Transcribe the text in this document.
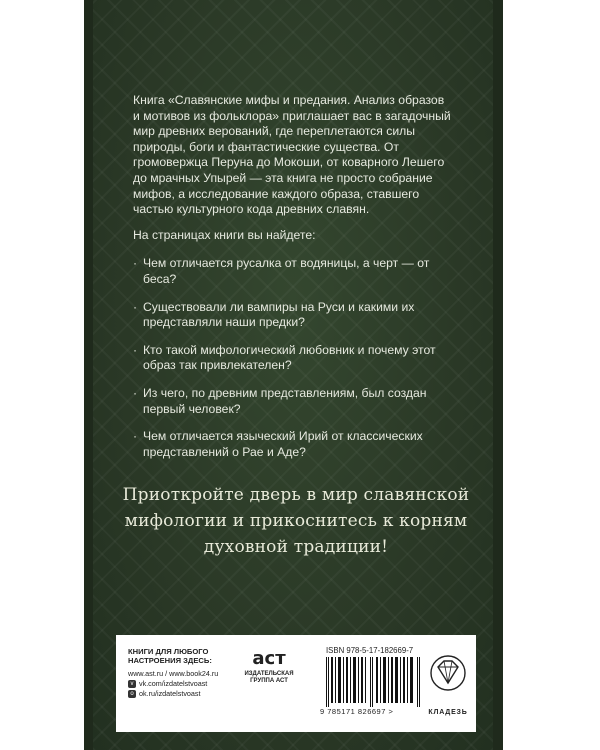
Книга «Славянские мифы и предания. Анализ образов и мотивов из фольклора» приглашает вас в загадочный мир древних верований, где переплетаются силы природы, боги и фантастические существа. От громовержца Перуна до Мокоши, от коварного Лешего до мрачных Упырей — эта книга не просто собрание мифов, а исследование каждого образа, ставшего частью культурного кода древних славян.

На страницах книги вы найдете:

· Чем отличается русалка от водяницы, а черт — от беса?
· Существовали ли вампиры на Руси и какими их представляли наши предки?
· Кто такой мифологический любовник и почему этот образ так привлекателен?
· Из чего, по древним представлениям, был создан первый человек?
· Чем отличается языческий Ирий от классических представлений о Рае и Аде?
Приоткройте дверь в мир славянской мифологии и прикоснитесь к корням духовной традиции!
КНИГИ ДЛЯ ЛЮБОГО НАСТРОЕНИЯ ЗДЕСЬ:
www.ast.ru / www.book24.ru
v vk.com/izdatelstvoast
o ok.ru/izdatelstvoast
аст
ИЗДАТЕЛЬСКАЯ ГРУППА АСТ
ISBN 978-5-17-182669-7
9 785171 826697 >	КЛАДЕЗЬ
